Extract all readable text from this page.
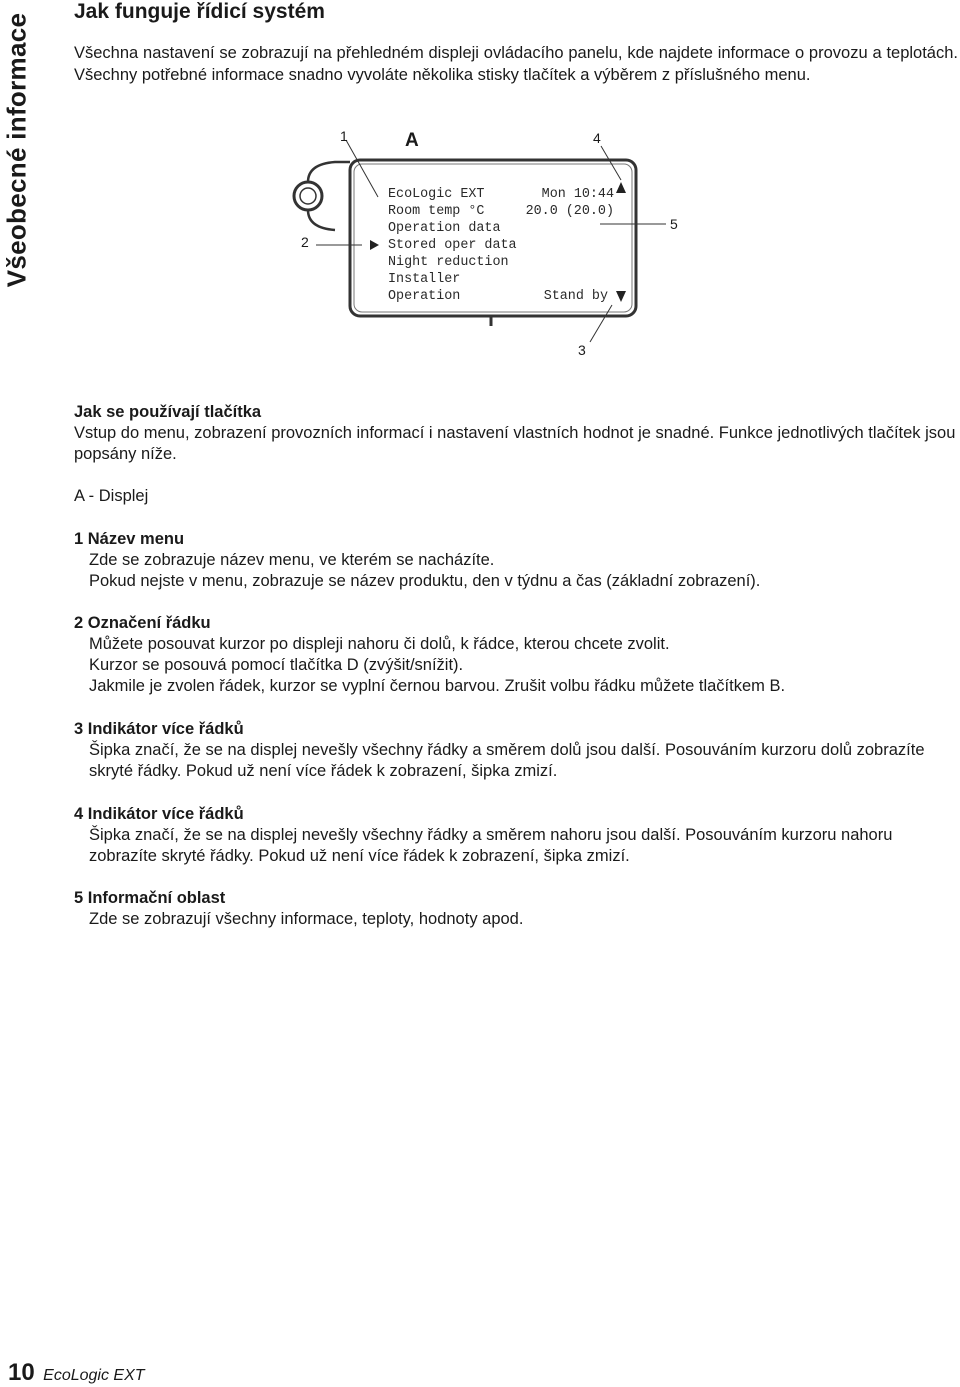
Všeobecné informace
Jak funguje řídicí systém
Všechna nastavení se zobrazují na přehledném displeji ovládacího panelu, kde najdete informace o provozu a teplotách. Všechny potřebné informace snadno vyvoláte několika stisky tlačítek a výběrem z příslušného menu.
A
1
2
3
4
5
EcoLogic EXT	Mon 10:44
Room temp °C	20.0 (20.0)
Operation data
Stored oper data
Night reduction
Installer
Operation	Stand by
Jak se používají tlačítka
Vstup do menu, zobrazení provozních informací i nastavení vlastních hodnot je snadné. Funkce jednotlivých tlačítek jsou popsány níže.
A - Displej
1 Název menu
Zde se zobrazuje název menu, ve kterém se nacházíte.
Pokud nejste v menu, zobrazuje se název produktu, den v týdnu a čas (základní zobrazení).
2 Označení řádku
Můžete posouvat kurzor po displeji nahoru či dolů, k řádce, kterou chcete zvolit.
Kurzor se posouvá pomocí tlačítka D (zvýšit/snížit).
Jakmile je zvolen řádek, kurzor se vyplní černou barvou. Zrušit volbu řádku můžete tlačítkem B.
3 Indikátor více řádků
Šipka značí, že se na displej nevešly všechny řádky a směrem dolů jsou další. Posouváním kurzoru dolů zobrazíte skryté řádky. Pokud už není více řádek k zobrazení, šipka zmizí.
4 Indikátor více řádků
Šipka značí, že se na displej nevešly všechny řádky a směrem nahoru jsou další. Posouváním kurzoru nahoru zobrazíte skryté řádky. Pokud už není více řádek k zobrazení, šipka zmizí.
5 Informační oblast
Zde se zobrazují všechny informace, teploty, hodnoty apod.
10 EcoLogic EXT
